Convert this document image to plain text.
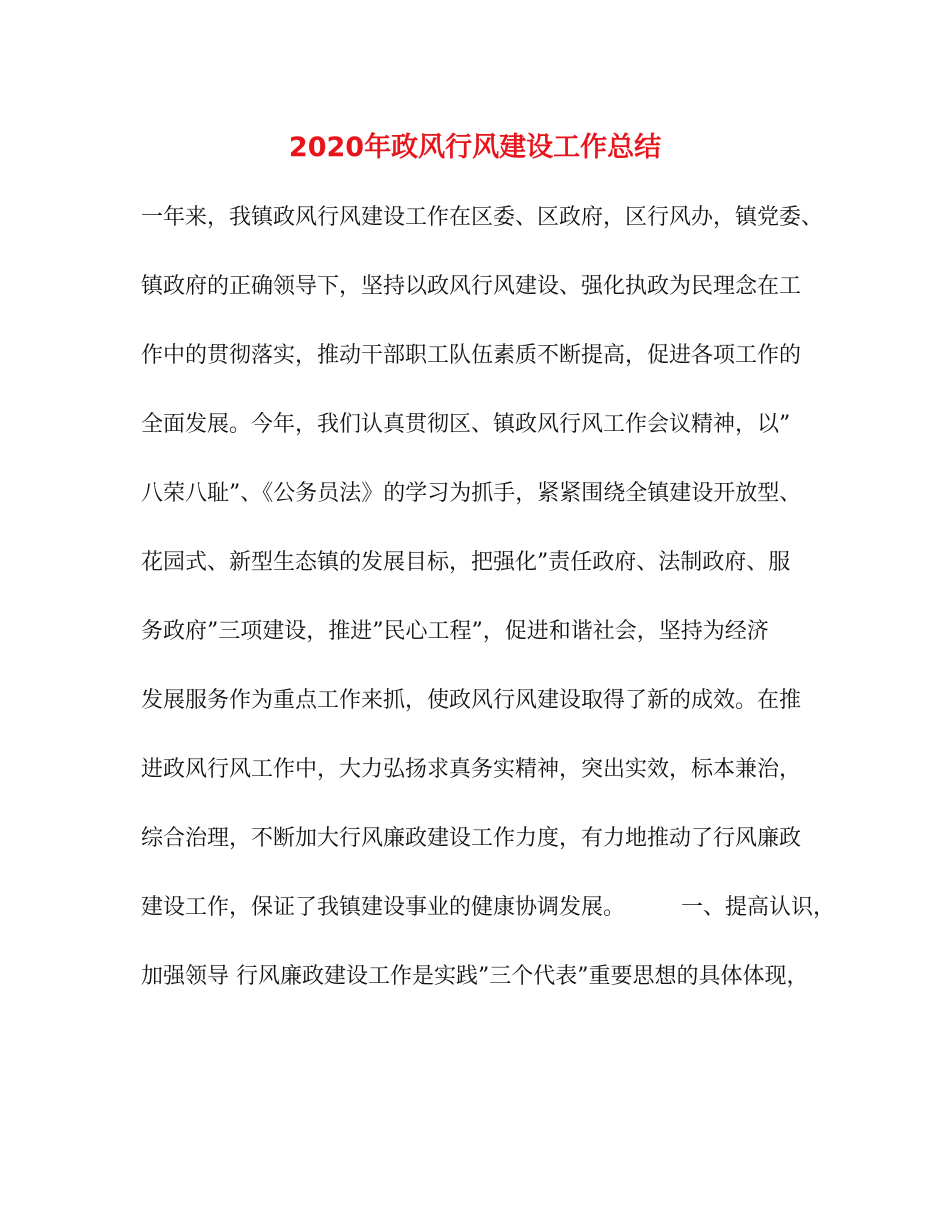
2020年政风行风建设工作总结
一年来，我镇政风行风建设工作在区委、区政府，区行风办，镇党委、
镇政府的正确领导下，坚持以政风行风建设、强化执政为民理念在工
作中的贯彻落实，推动干部职工队伍素质不断提高，促进各项工作的
全面发展。今年，我们认真贯彻区、镇政风行风工作会议精神，以”
八荣八耻”、《公务员法》的学习为抓手，紧紧围绕全镇建设开放型、
花园式、新型生态镇的发展目标，把强化”责任政府、法制政府、服
务政府”三项建设，推进”民心工程”，促进和谐社会，坚持为经济
发展服务作为重点工作来抓，使政风行风建设取得了新的成效。在推
进政风行风工作中，大力弘扬求真务实精神，突出实效，标本兼治，
综合治理，不断加大行风廉政建设工作力度，有力地推动了行风廉政
建设工作，保证了我镇建设事业的健康协调发展。        一、提高认识，
加强领导 行风廉政建设工作是实践”三个代表”重要思想的具体体现，
